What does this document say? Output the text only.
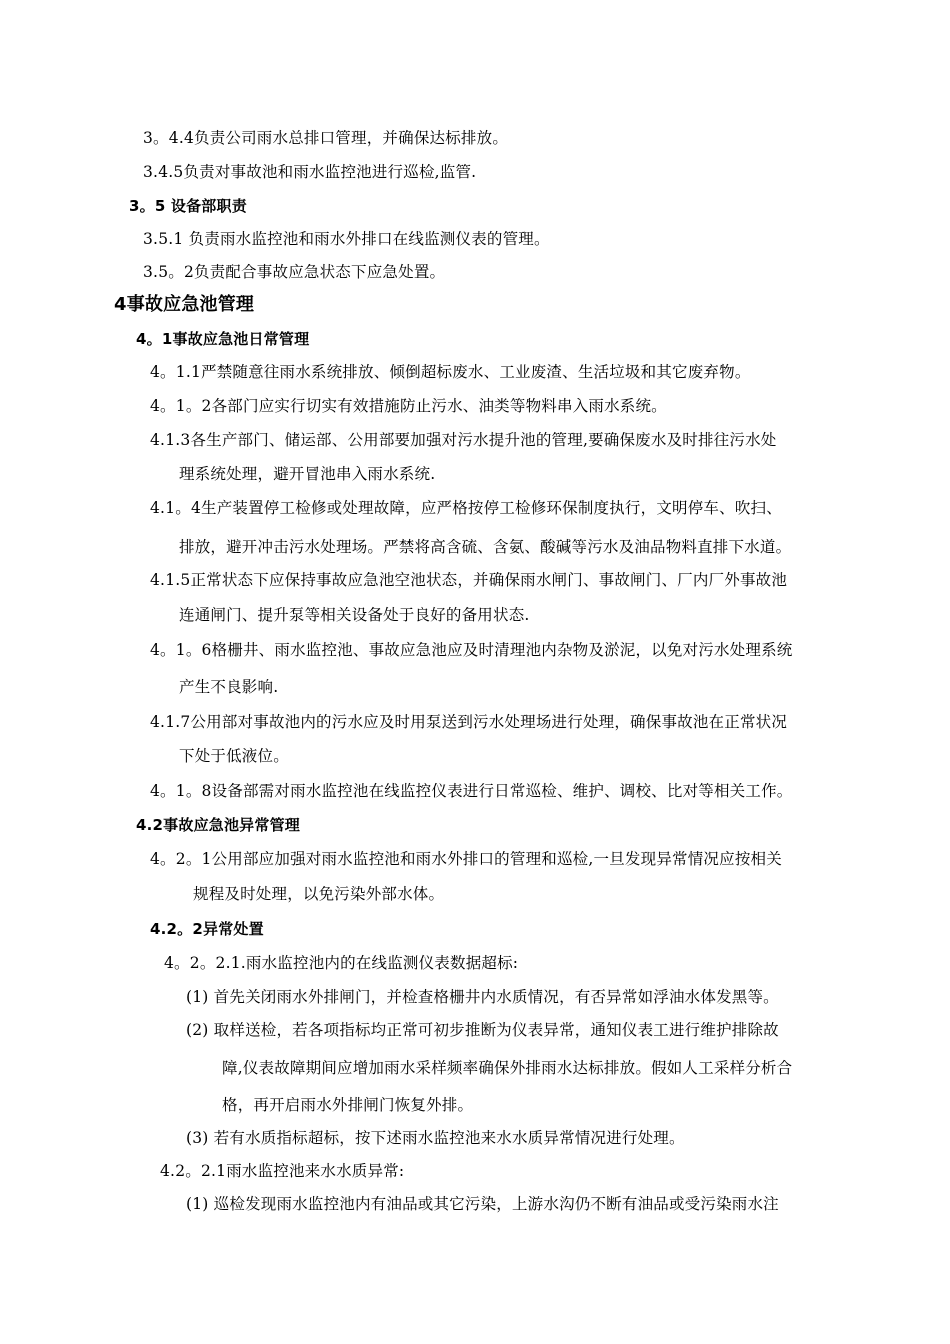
3。4.4负责公司雨水总排口管理，并确保达标排放。
3.4.5负责对事故池和雨水监控池进行巡检,监管.
3。5 设备部职责
3.5.1 负责雨水监控池和雨水外排口在线监测仪表的管理。
3.5。2负责配合事故应急状态下应急处置。
4事故应急池管理
4。1事故应急池日常管理
4。1.1严禁随意往雨水系统排放、倾倒超标废水、工业废渣、生活垃圾和其它废弃物。
4。1。2各部门应实行切实有效措施防止污水、油类等物料串入雨水系统。
4.1.3各生产部门、储运部、公用部要加强对污水提升池的管理,要确保废水及时排往污水处
理系统处理，避开冒池串入雨水系统.
4.1。4生产装置停工检修或处理故障，应严格按停工检修环保制度执行，文明停车、吹扫、
排放，避开冲击污水处理场。严禁将高含硫、含氨、酸碱等污水及油品物料直排下水道。
4.1.5正常状态下应保持事故应急池空池状态，并确保雨水闸门、事故闸门、厂内厂外事故池
连通闸门、提升泵等相关设备处于良好的备用状态.
4。1。6格栅井、雨水监控池、事故应急池应及时清理池内杂物及淤泥，以免对污水处理系统
产生不良影响.
4.1.7公用部对事故池内的污水应及时用泵送到污水处理场进行处理，确保事故池在正常状况
下处于低液位。
4。1。8设备部需对雨水监控池在线监控仪表进行日常巡检、维护、调校、比对等相关工作。
4.2事故应急池异常管理
4。2。1公用部应加强对雨水监控池和雨水外排口的管理和巡检,一旦发现异常情况应按相关
规程及时处理，以免污染外部水体。
4.2。2异常处置
4。2。2.1.雨水监控池内的在线监测仪表数据超标:
(1) 首先关闭雨水外排闸门，并检查格栅井内水质情况，有否异常如浮油水体发黑等。
(2) 取样送检，若各项指标均正常可初步推断为仪表异常，通知仪表工进行维护排除故
障,仪表故障期间应增加雨水采样频率确保外排雨水达标排放。假如人工采样分析合
格，再开启雨水外排闸门恢复外排。
(3) 若有水质指标超标，按下述雨水监控池来水水质异常情况进行处理。
4.2。2.1雨水监控池来水水质异常:
(1) 巡检发现雨水监控池内有油品或其它污染，上游水沟仍不断有油品或受污染雨水注
